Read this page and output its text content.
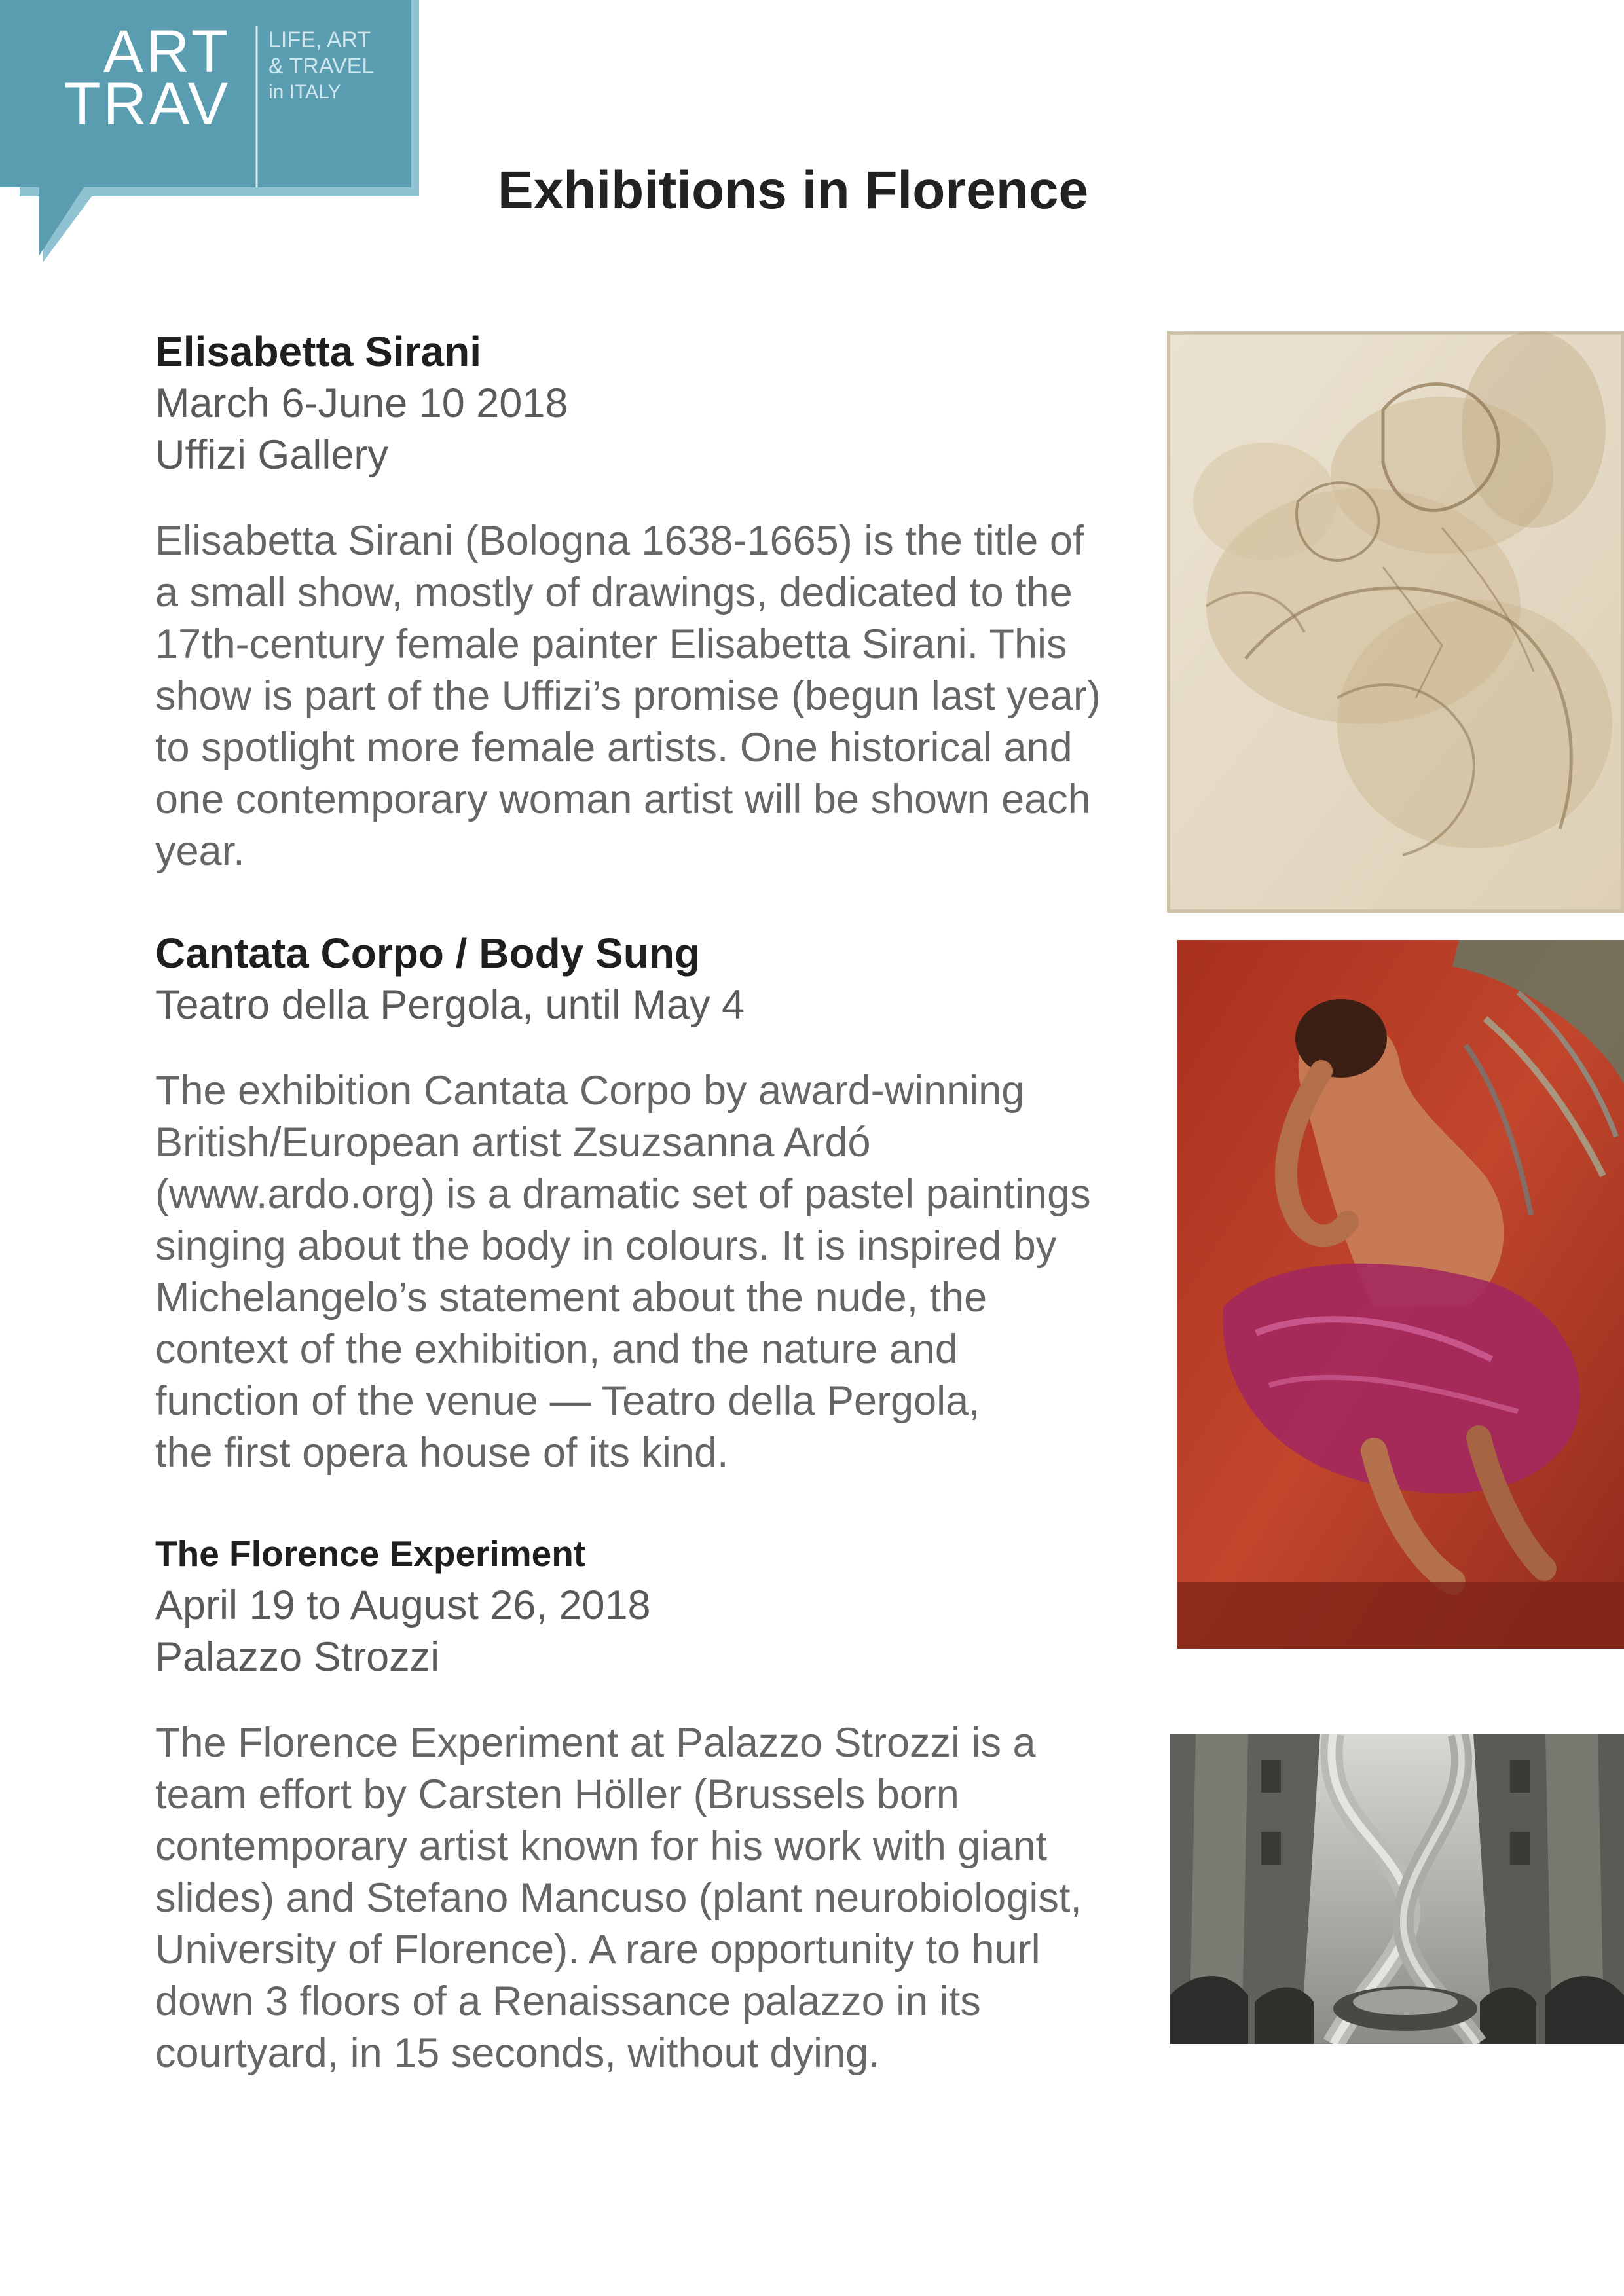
ART
TRAV
LIFE, ART
& TRAVEL
in ITALY
Exhibitions in Florence
Elisabetta Sirani

March 6-June 10 2018

Uffizi Gallery

Elisabetta Sirani (Bologna 1638-1665) is the title of
a small show, mostly of drawings, dedicated to the
17th-century female painter Elisabetta Sirani. This
show is part of the Uffizi’s promise (begun last year)
to spotlight more female artists. One historical and
one contemporary woman artist will be shown each
year.

Cantata Corpo / Body Sung

Teatro della Pergola, until May 4

The exhibition Cantata Corpo by award-winning
British/European artist Zsuzsanna Ardó
(www.ardo.org) is a dramatic set of pastel paintings
singing about the body in colours. It is inspired by
Michelangelo’s statement about the nude, the
context of the exhibition, and the nature and
function of the venue — Teatro della Pergola,
the first opera house of its kind.

The Florence Experiment

April 19 to August 26, 2018

Palazzo Strozzi

The Florence Experiment at Palazzo Strozzi is a
team effort by Carsten Höller (Brussels born
contemporary artist known for his work with giant
slides) and Stefano Mancuso (plant neurobiologist,
University of Florence). A rare opportunity to hurl
down 3 floors of a Renaissance palazzo in its
courtyard, in 15 seconds, without dying.
